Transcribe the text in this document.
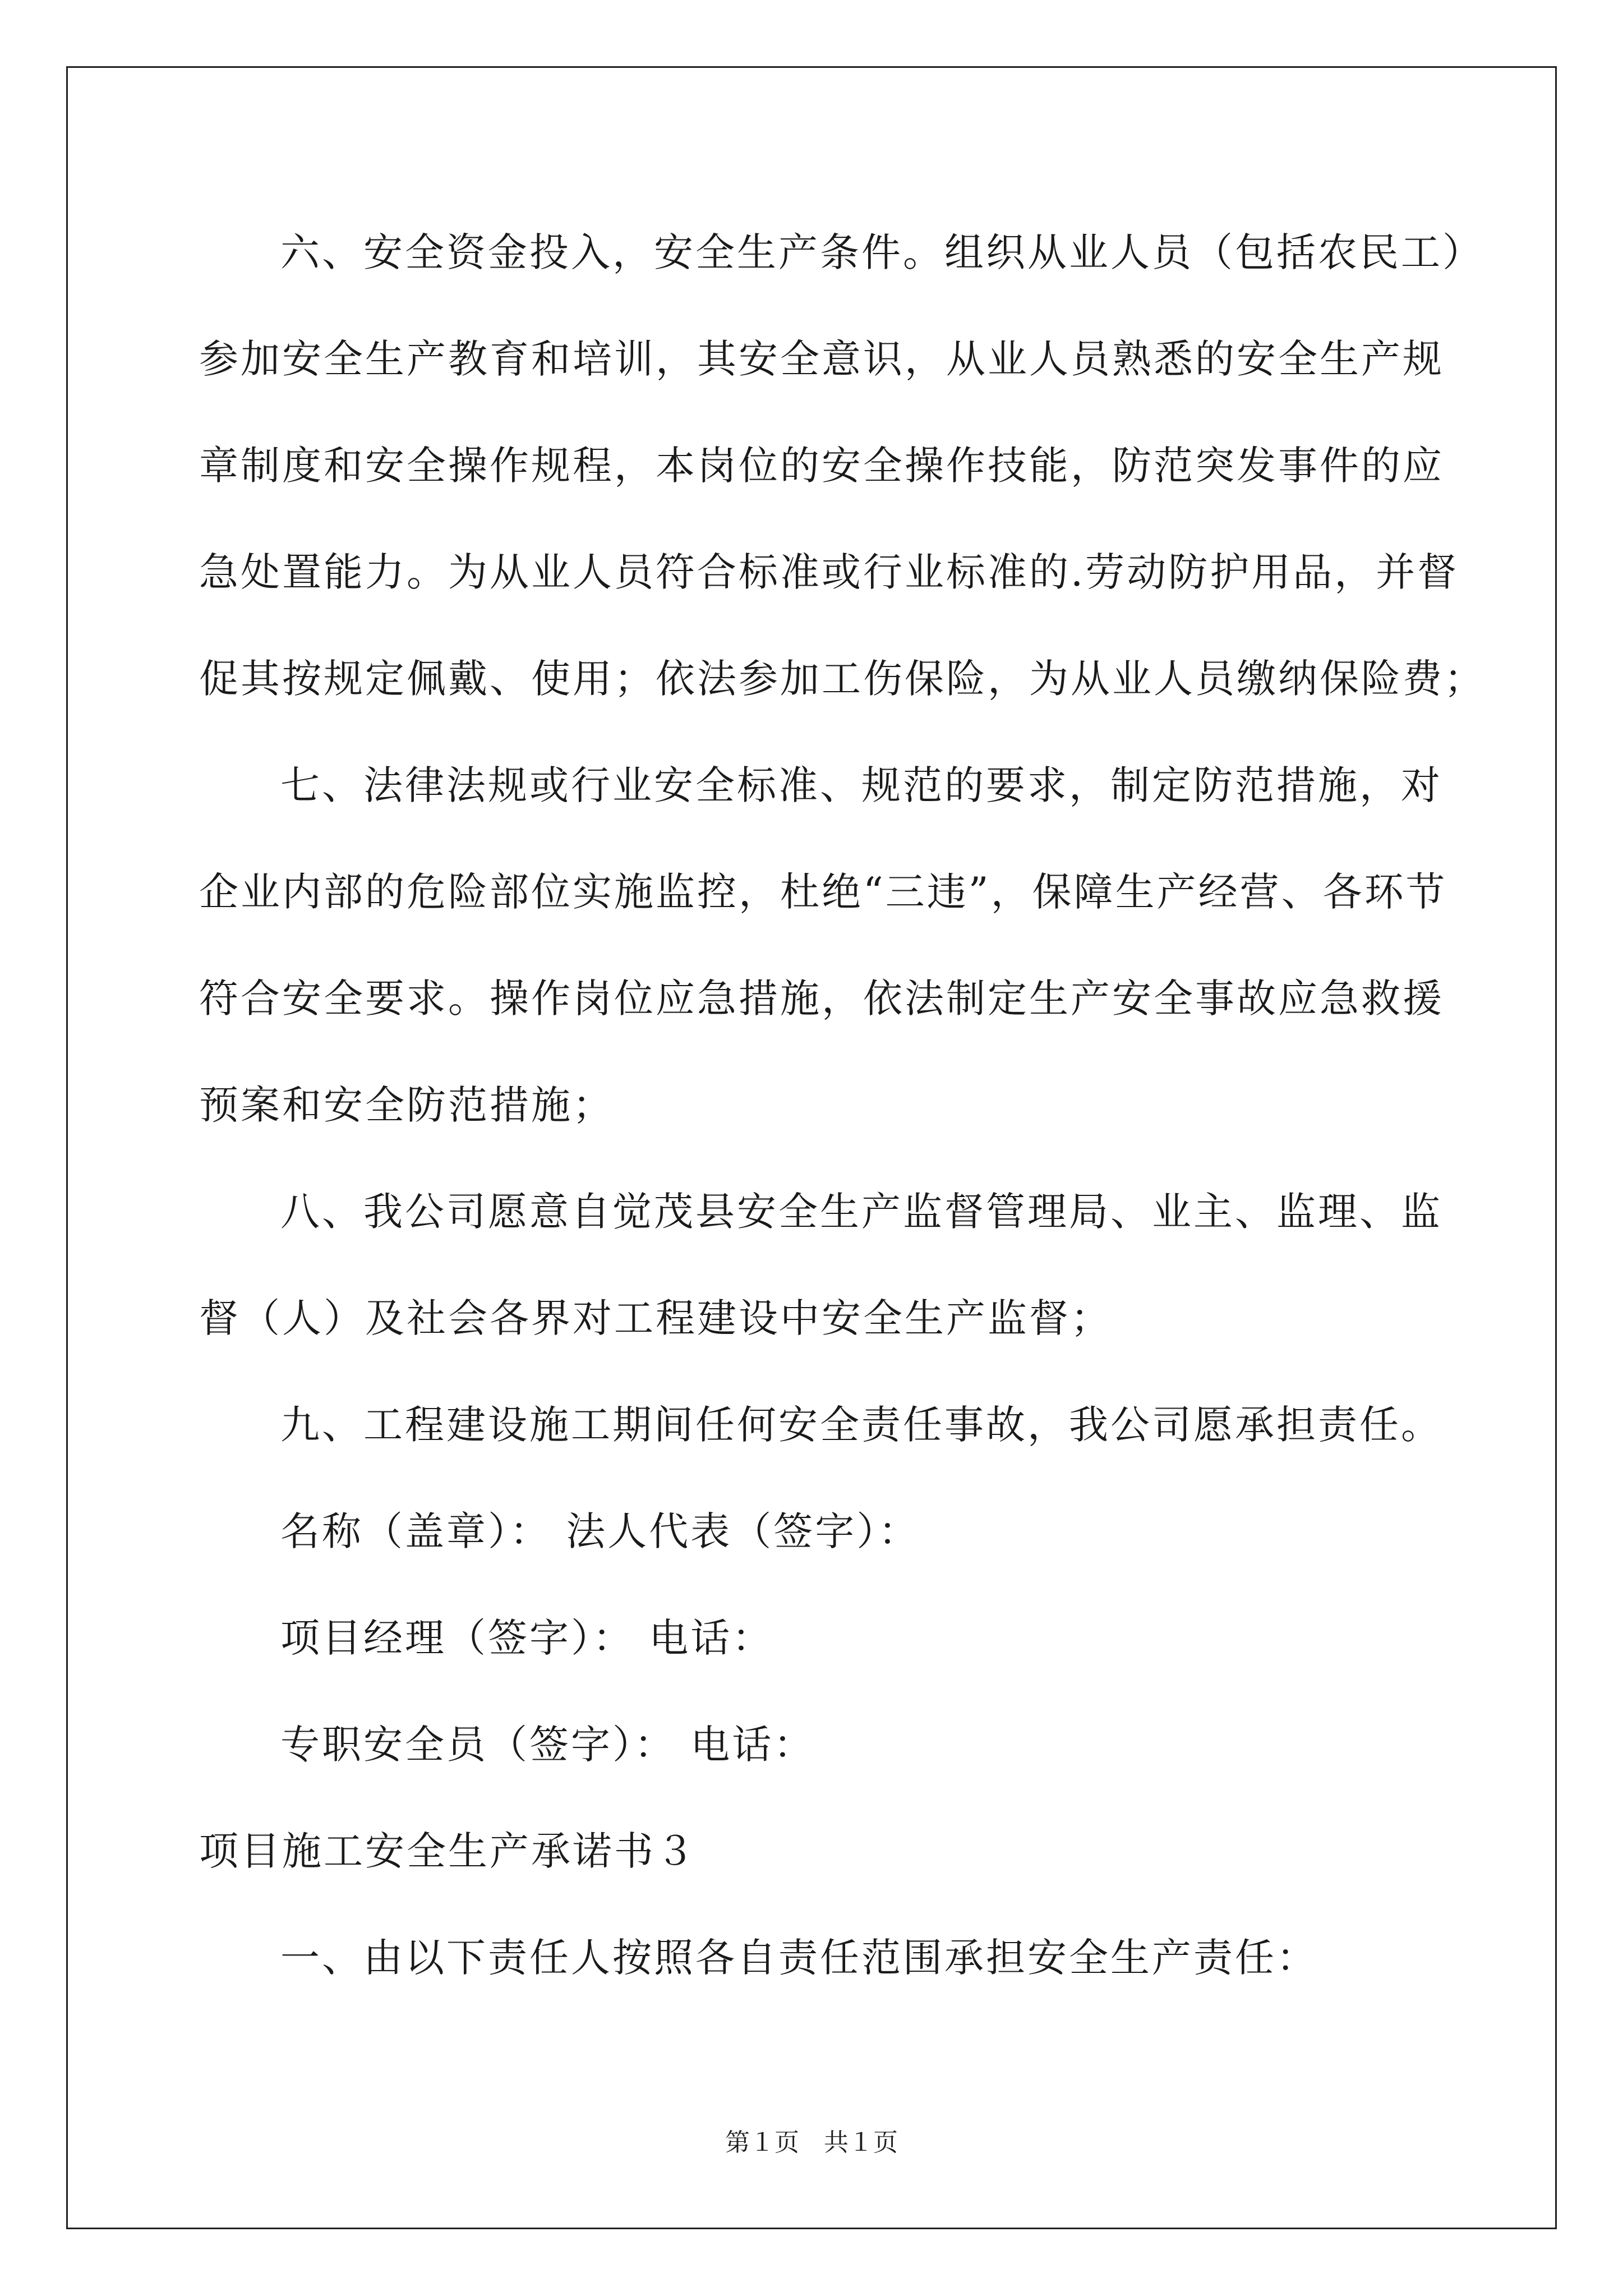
六、安全资金投入，安全生产条件。组织从业人员（包括农民工）
参加安全生产教育和培训，其安全意识，从业人员熟悉的安全生产规
章制度和安全操作规程，本岗位的安全操作技能，防范突发事件的应
急处置能力。为从业人员符合标准或行业标准的.劳动防护用品，并督
促其按规定佩戴、使用；依法参加工伤保险，为从业人员缴纳保险费；
七、法律法规或行业安全标准、规范的要求，制定防范措施，对
企业内部的危险部位实施监控，杜绝“三违”，保障生产经营、各环节
符合安全要求。操作岗位应急措施，依法制定生产安全事故应急救援
预案和安全防范措施；
八、我公司愿意自觉茂县安全生产监督管理局、业主、监理、监
督（人）及社会各界对工程建设中安全生产监督；
九、工程建设施工期间任何安全责任事故，我公司愿承担责任。
名称（盖章）： 法人代表（签字）：
项目经理（签字）： 电话：
专职安全员（签字）： 电话：
项目施工安全生产承诺书３
一、由以下责任人按照各自责任范围承担安全生产责任：
第１页　共１页
